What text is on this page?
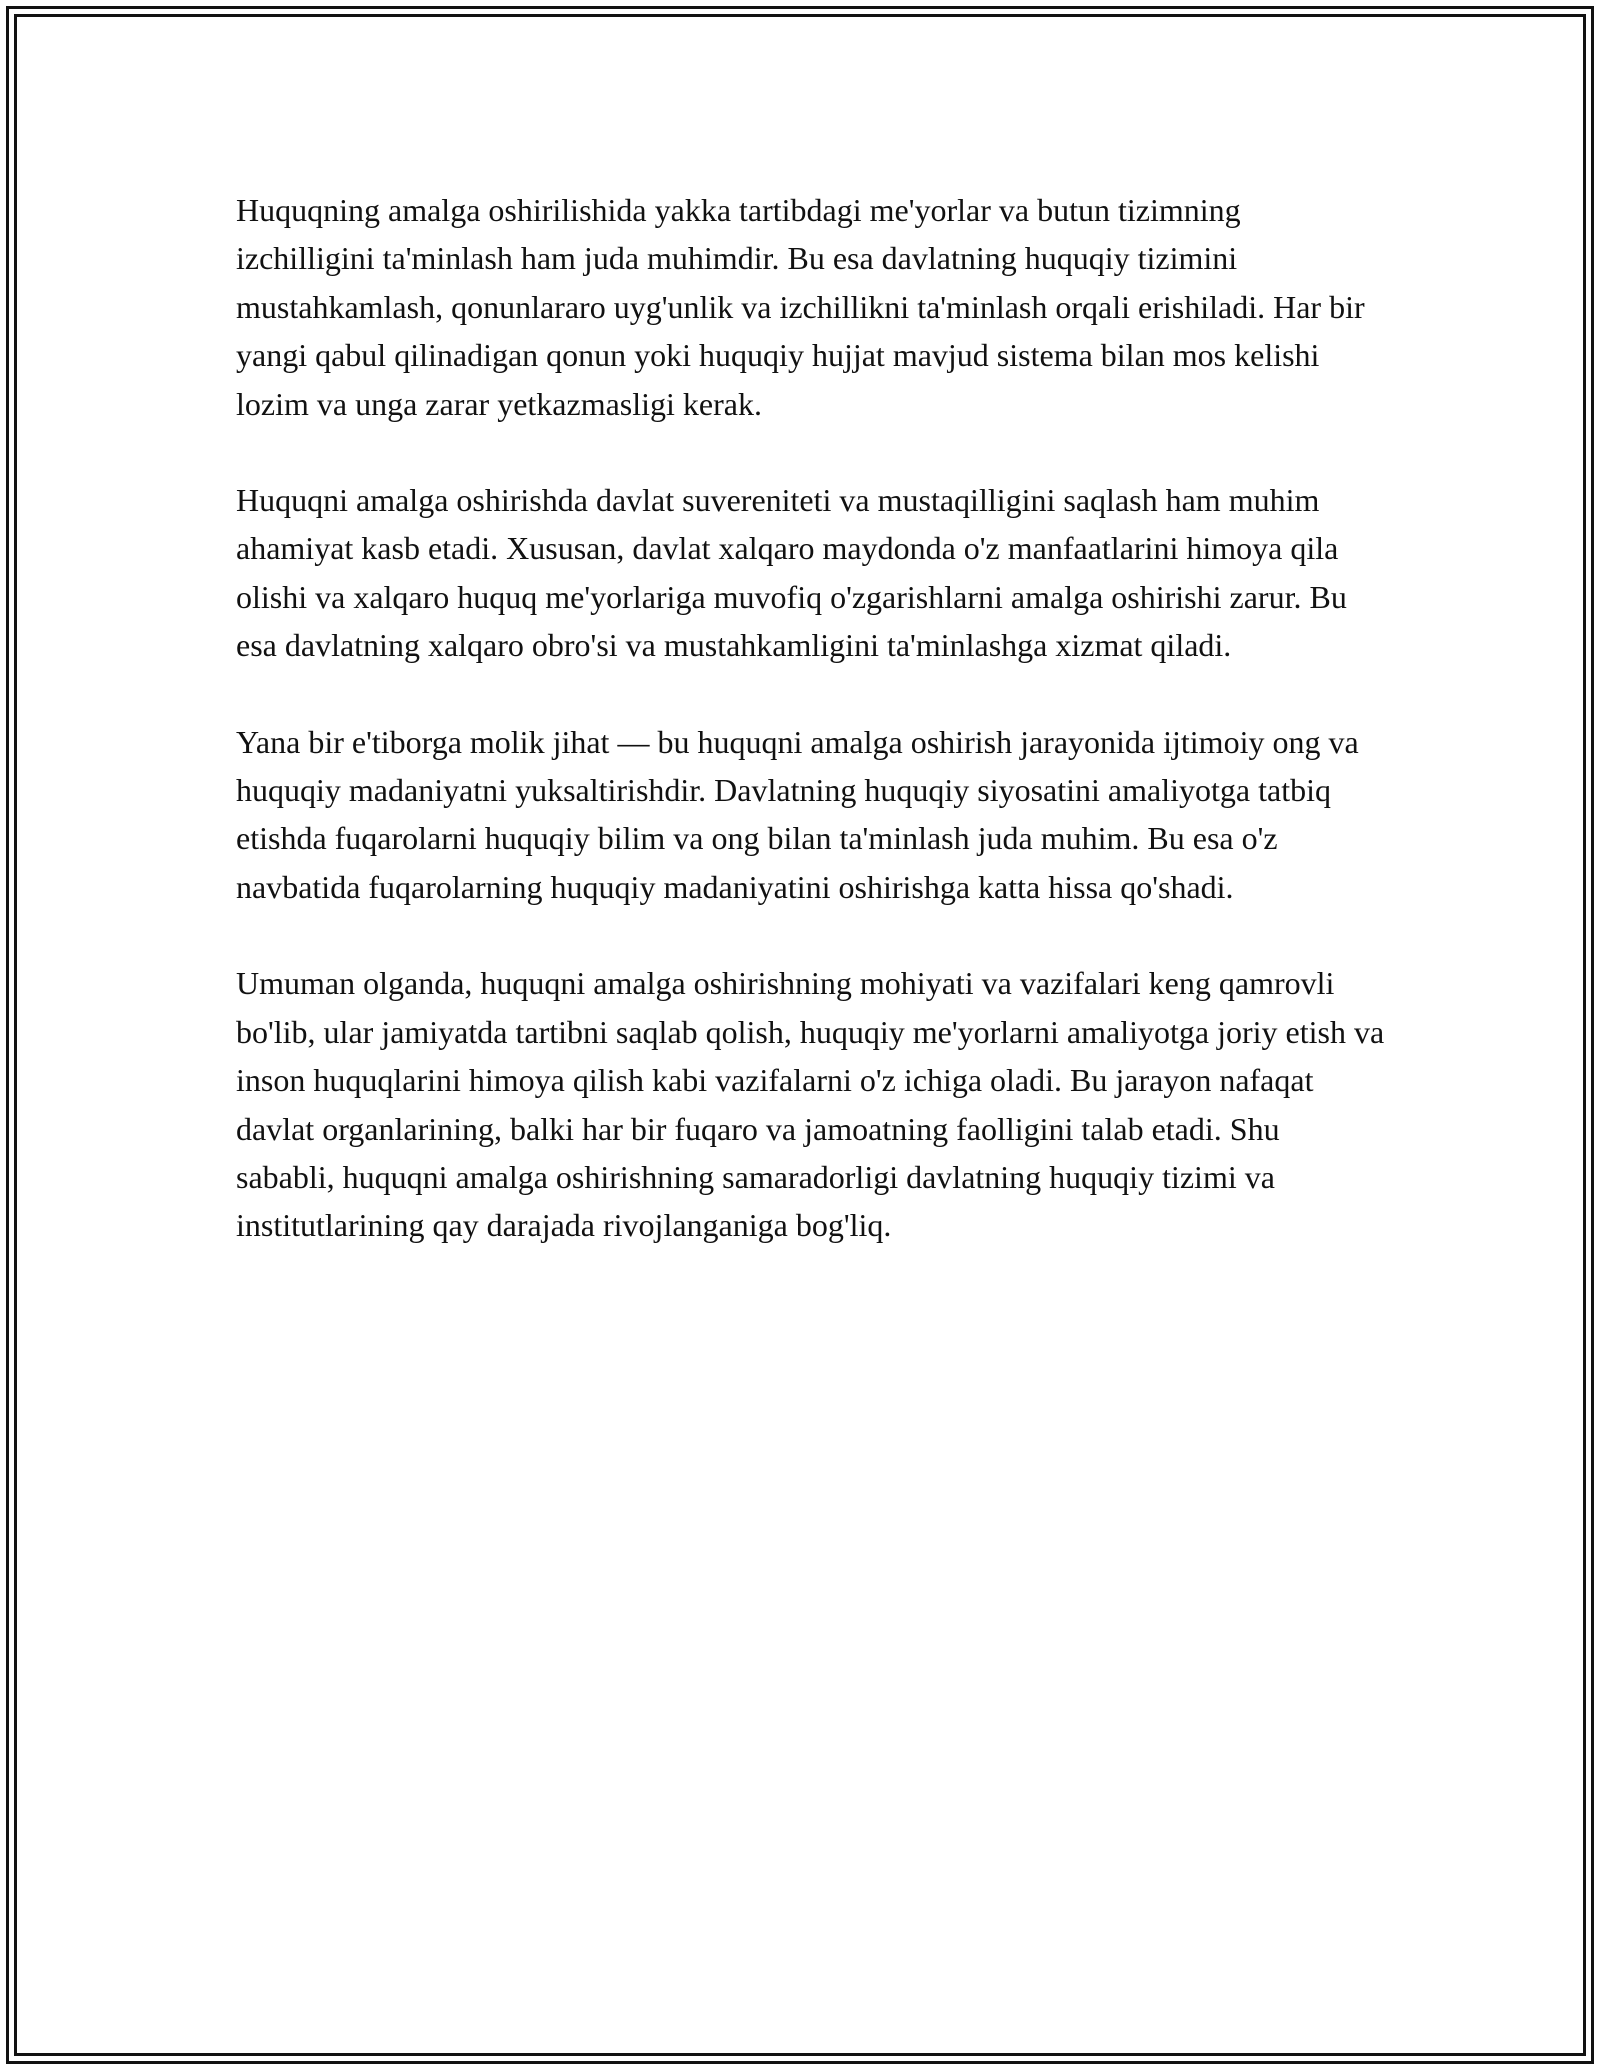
Huquqning amalga oshirilishida yakka tartibdagi me'yorlar va butun tizimning izchilligini ta'minlash ham juda muhimdir. Bu esa davlatning huquqiy tizimini mustahkamlash, qonunlararo uyg'unlik va izchillikni ta'minlash orqali erishiladi. Har bir yangi qabul qilinadigan qonun yoki huquqiy hujjat mavjud sistema bilan mos kelishi lozim va unga zarar yetkazmasligi kerak.

Huquqni amalga oshirishda davlat suvereniteti va mustaqilligini saqlash ham muhim ahamiyat kasb etadi. Xususan, davlat xalqaro maydonda o'z manfaatlarini himoya qila olishi va xalqaro huquq me'yorlariga muvofiq o'zgarishlarni amalga oshirishi zarur. Bu esa davlatning xalqaro obro'si va mustahkamligini ta'minlashga xizmat qiladi.

Yana bir e'tiborga molik jihat — bu huquqni amalga oshirish jarayonida ijtimoiy ong va huquqiy madaniyatni yuksaltirishdir. Davlatning huquqiy siyosatini amaliyotga tatbiq etishda fuqarolarni huquqiy bilim va ong bilan ta'minlash juda muhim. Bu esa o'z navbatida fuqarolarning huquqiy madaniyatini oshirishga katta hissa qo'shadi.

Umuman olganda, huquqni amalga oshirishning mohiyati va vazifalari keng qamrovli bo'lib, ular jamiyatda tartibni saqlab qolish, huquqiy me'yorlarni amaliyotga joriy etish va inson huquqlarini himoya qilish kabi vazifalarni o'z ichiga oladi. Bu jarayon nafaqat davlat organlarining, balki har bir fuqaro va jamoatning faolligini talab etadi. Shu sababli, huquqni amalga oshirishning samaradorligi davlatning huquqiy tizimi va institutlarining qay darajada rivojlanganiga bog'liq.
